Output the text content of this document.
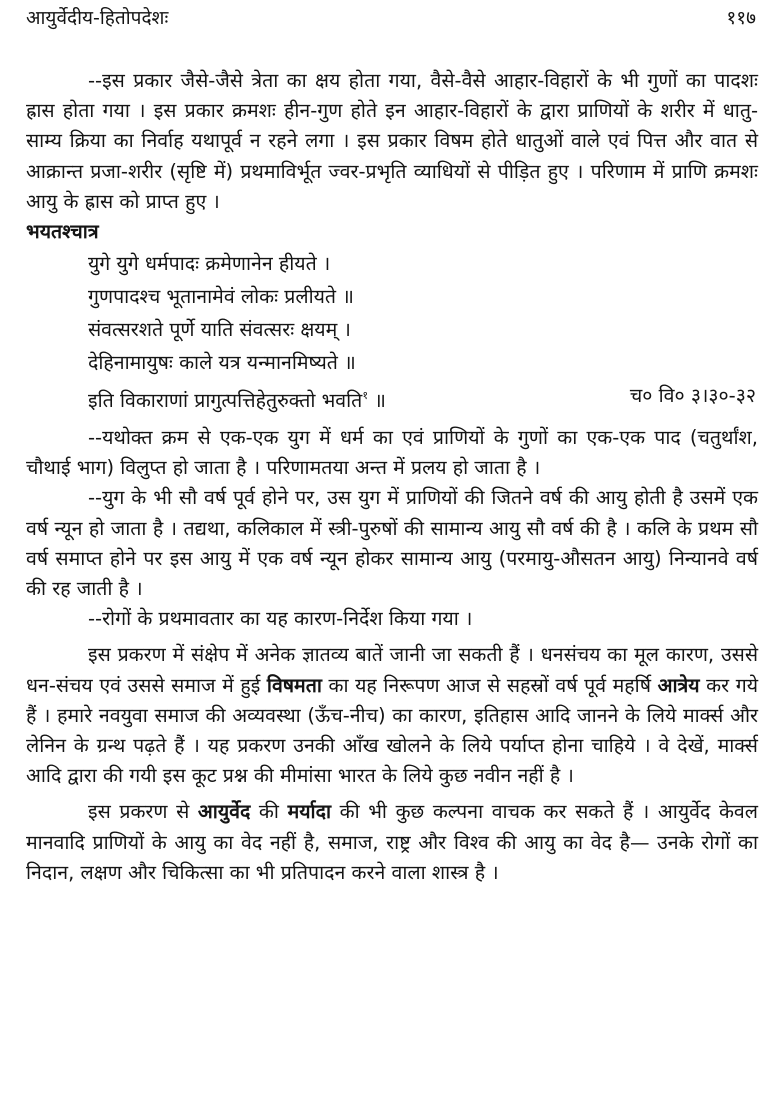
आयुर्वेदीय-हितोपदेशः	११७

--इस प्रकार जैसे-जैसे त्रेता का क्षय होता गया, वैसे-वैसे आहार-विहारों के भी गुणों का पादशः ह्रास होता गया । इस प्रकार क्रमशः हीन-गुण होते इन आहार-विहारों के द्वारा प्राणियों के शरीर में धातु-साम्य क्रिया का निर्वाह यथापूर्व न रहने लगा । इस प्रकार विषम होते धातुओं वाले एवं पित्त और वात से आक्रान्त प्रजा-शरीर (सृष्टि में) प्रथमाविर्भूत ज्वर-प्रभृति व्याधियों से पीड़ित हुए । परिणाम में प्राणि क्रमशः आयु के ह्रास को प्राप्त हुए ।

भयतश्चात्र

युगे युगे धर्मपादः क्रमेणानेन हीयते ।
गुणपादश्च भूतानामेवं लोकः प्रलीयते ॥
संवत्सरशते पूर्णे याति संवत्सरः क्षयम् ।
देहिनामायुषः काले यत्र यन्मानमिष्यते ॥
इति विकाराणां प्रागुत्पत्तिहेतुरुक्तो भवति$^१$ ॥	च० वि० ३।३०-३२

--यथोक्त क्रम से एक-एक युग में धर्म का एवं प्राणियों के गुणों का एक-एक पाद (चतुर्थांश, चौथाई भाग) विलुप्त हो जाता है । परिणामतया अन्त में प्रलय हो जाता है ।

--युग के भी सौ वर्ष पूर्व होने पर, उस युग में प्राणियों की जितने वर्ष की आयु होती है उसमें एक वर्ष न्यून हो जाता है । तद्यथा, कलिकाल में स्त्री-पुरुषों की सामान्य आयु सौ वर्ष की है । कलि के प्रथम सौ वर्ष समाप्त होने पर इस आयु में एक वर्ष न्यून होकर सामान्य आयु (परमायु-औसतन आयु) निन्यानवे वर्ष की रह जाती है ।

--रोगों के प्रथमावतार का यह कारण-निर्देश किया गया ।

इस प्रकरण में संक्षेप में अनेक ज्ञातव्य बातें जानी जा सकती हैं । धनसंचय का मूल कारण, उससे धन-संचय एवं उससे समाज में हुई विषमता का यह निरूपण आज से सहस्रों वर्ष पूर्व महर्षि आत्रेय कर गये हैं । हमारे नवयुवा समाज की अव्यवस्था (ऊँच-नीच) का कारण, इतिहास आदि जानने के लिये मार्क्स और लेनिन के ग्रन्थ पढ़ते हैं । यह प्रकरण उनकी आँख खोलने के लिये पर्याप्त होना चाहिये । वे देखें, मार्क्स आदि द्वारा की गयी इस कूट प्रश्न की मीमांसा भारत के लिये कुछ नवीन नहीं है ।

इस प्रकरण से आयुर्वेद की मर्यादा की भी कुछ कल्पना वाचक कर सकते हैं । आयुर्वेद केवल मानवादि प्राणियों के आयु का वेद नहीं है, समाज, राष्ट्र और विश्व की आयु का वेद है— उनके रोगों का निदान, लक्षण और चिकित्सा का भी प्रतिपादन करने वाला शास्त्र है ।
